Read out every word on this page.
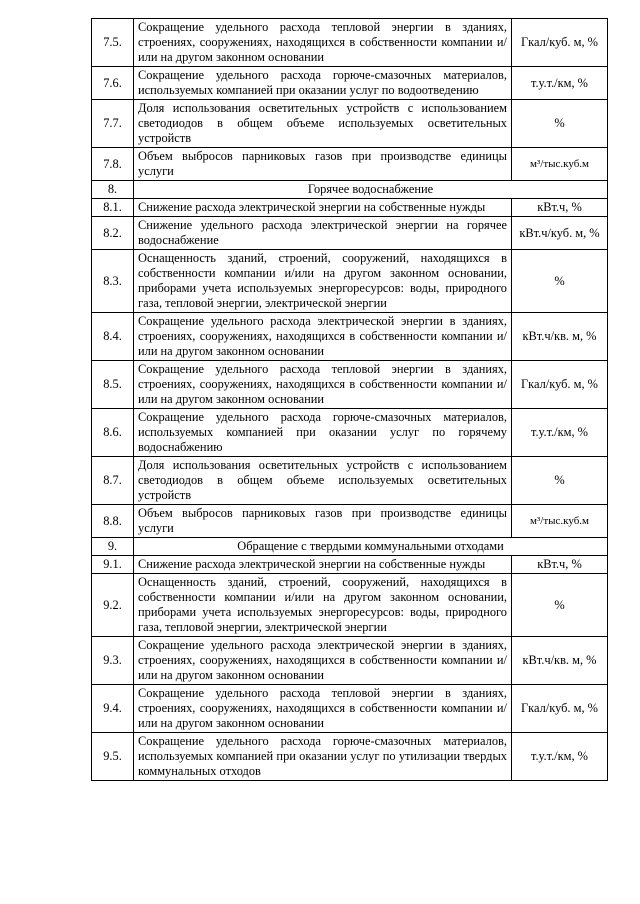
7.5.	Сокращение удельного расхода тепловой энергии в зданиях, строениях, сооружениях, находящихся в собственности компании и/или на другом законном основании	Гкал/куб. м, %
7.6.	Сокращение удельного расхода горюче-смазочных материалов, используемых компанией при оказании услуг по водоотведению	т.у.т./км, %
7.7.	Доля использования осветительных устройств с использованием светодиодов в общем объеме используемых осветительных устройств	%
7.8.	Объем выбросов парниковых газов при производстве единицы услуги	м³/тыс.куб.м
8.	Горячее водоснабжение	
8.1.	Снижение расхода электрической энергии на собственные нужды	кВт.ч, %
8.2.	Снижение удельного расхода электрической энергии на горячее водоснабжение	кВт.ч/куб. м, %
8.3.	Оснащенность зданий, строений, сооружений, находящихся в собственности компании и/или на другом законном основании, приборами учета используемых энергоресурсов: воды, природного газа, тепловой энергии, электрической энергии	%
8.4.	Сокращение удельного расхода электрической энергии в зданиях, строениях, сооружениях, находящихся в собственности компании и/или на другом законном основании	кВт.ч/кв. м, %
8.5.	Сокращение удельного расхода тепловой энергии в зданиях, строениях, сооружениях, находящихся в собственности компании и/или на другом законном основании	Гкал/куб. м, %
8.6.	Сокращение удельного расхода горюче-смазочных материалов, используемых компанией при оказании услуг по горячему водоснабжению	т.у.т./км, %
8.7.	Доля использования осветительных устройств с использованием светодиодов в общем объеме используемых осветительных устройств	%
8.8.	Объем выбросов парниковых газов при производстве единицы услуги	м³/тыс.куб.м
9.	Обращение с твердыми коммунальными отходами	
9.1.	Снижение расхода электрической энергии на собственные нужды	кВт.ч, %
9.2.	Оснащенность зданий, строений, сооружений, находящихся в собственности компании и/или на другом законном основании, приборами учета используемых энергоресурсов: воды, природного газа, тепловой энергии, электрической энергии	%
9.3.	Сокращение удельного расхода электрической энергии в зданиях, строениях, сооружениях, находящихся в собственности компании и/или на другом законном основании	кВт.ч/кв. м, %
9.4.	Сокращение удельного расхода тепловой энергии в зданиях, строениях, сооружениях, находящихся в собственности компании и/или на другом законном основании	Гкал/куб. м, %
9.5.	Сокращение удельного расхода горюче-смазочных материалов, используемых компанией при оказании услуг по утилизации твердых коммунальных отходов	т.у.т./км, %
